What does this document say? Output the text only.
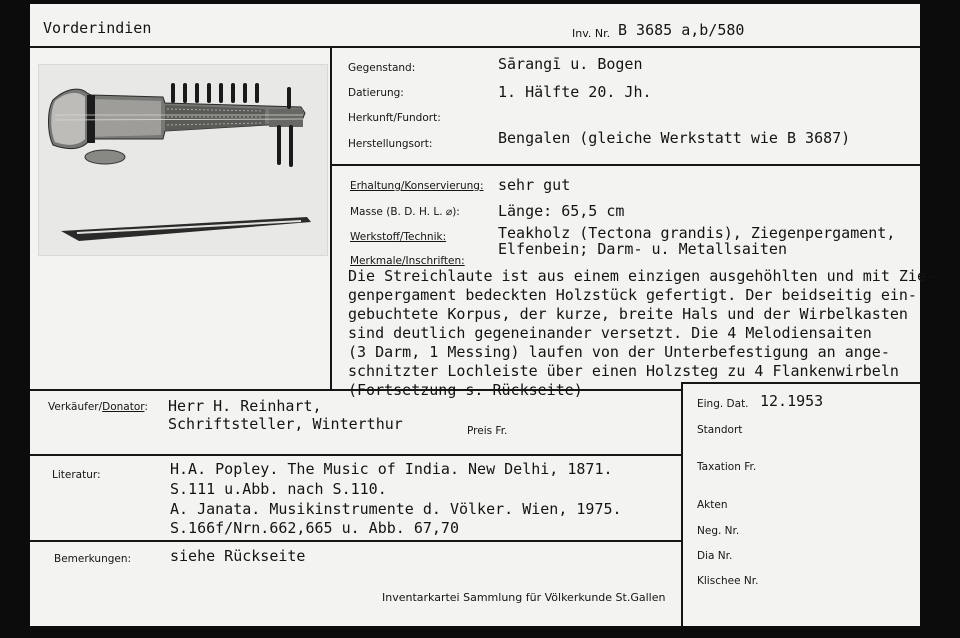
Vorderindien	Inv. Nr. B 3685 a,b/580
Gegenstand:	Sārangī u. Bogen
Datierung:	1. Hälfte 20. Jh.
Herkunft/Fundort:
Herstellungsort:	Bengalen (gleiche Werkstatt wie B 3687)
Erhaltung/Konservierung: sehr gut
Masse (B. D. H. L. ⌀):	Länge: 65,5 cm
Werkstoff/Technik:	Teakholz (Tectona grandis), Ziegenpergament,
Elfenbein; Darm- u. Metallsaiten
Merkmale/Inschriften:
Die Streichlaute ist aus einem einzigen ausgehöhlten und mit Zie-
genpergament bedeckten Holzstück gefertigt. Der beidseitig ein-
gebuchtete Korpus, der kurze, breite Hals und der Wirbelkasten
sind deutlich gegeneinander versetzt. Die 4 Melodiensaiten
(3 Darm, 1 Messing) laufen von der Unterbefestigung an ange-
schnitzter Lochleiste über einen Holzsteg zu 4 Flankenwirbeln
(Fortsetzung s. Rückseite)
Verkäufer/Donator: Herr H. Reinhart,
Schriftsteller, Winterthur	Preis Fr.
Literatur:	H.A. Popley. The Music of India. New Delhi, 1871.
S.111 u.Abb. nach S.110.
A. Janata. Musikinstrumente d. Völker. Wien, 1975.
S.166f/Nrn.662,665 u. Abb. 67,70
Bemerkungen:	siehe Rückseite
Eing. Dat. 12.1953
Standort
Taxation Fr.
Akten
Neg. Nr.
Dia Nr.
Klischee Nr.
Inventarkartei Sammlung für Völkerkunde St.Gallen
